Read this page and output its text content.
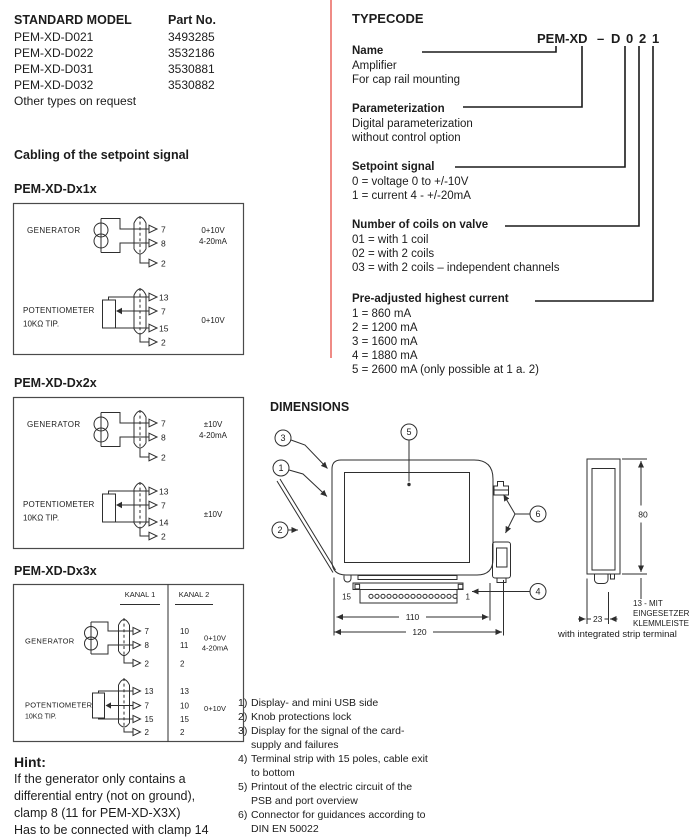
STANDARD MODEL	Part No.
PEM-XD-D021	3493285
PEM-XD-D022	3532186
PEM-XD-D031	3530881
PEM-XD-D032	3530882
Other types on request
Cabling of the setpoint signal
PEM-XD-Dx1x
GENERATOR	7
8
2
0+10V
4-20mA
POTENTIOMETER
10KΩ TIP.
13
7
15
2
0+10V
PEM-XD-Dx2x
GENERATOR	7
8
2
±10V
4-20mA
POTENTIOMETER
10KΩ TIP.
13
7
14
2
±10V
PEM-XD-Dx3x
KANAL 1	KANAL 2
GENERATOR
7
8
2
10
11
2
0+10V
4-20mA
POTENTIOMETER
10KΩ TIP.
13
7
15
2
13
10
15
2
0+10V
Hint:
If the generator only contains a
differential entry (not on ground),
clamp 8 (11 for PEM-XD-X3X)
Has to be connected with clamp 14
TYPECODE
PEM-XD – D 0 2 1
Name
Amplifier
For cap rail mounting
Parameterization
Digital parameterization
without control option
Setpoint signal
0 = voltage 0 to +/-10V
1 = current 4 - +/-20mA
Number of coils on valve
01 = with 1 coil
02 = with 2 coils
03 = with 2 coils – independent channels
Pre-adjusted highest current
1 = 860 mA
2 = 1200 mA
3 = 1600 mA
4 = 1880 mA
5 = 2600 mA (only possible at 1 a. 2)
DIMENSIONS
3
1
2
5
6
4
15	1
110
120
80
23
13 - MIT
EINGESETZER
KLEMMLEISTE
with integrated strip terminal
1) Display- and mini USB side
2) Knob protections lock
3) Display for the signal of the card-
supply and failures
4) Terminal strip with 15 poles, cable exit
to bottom
5) Printout of the electric circuit of the
PSB and port overview
6) Connector for guidances according to
DIN EN 50022
